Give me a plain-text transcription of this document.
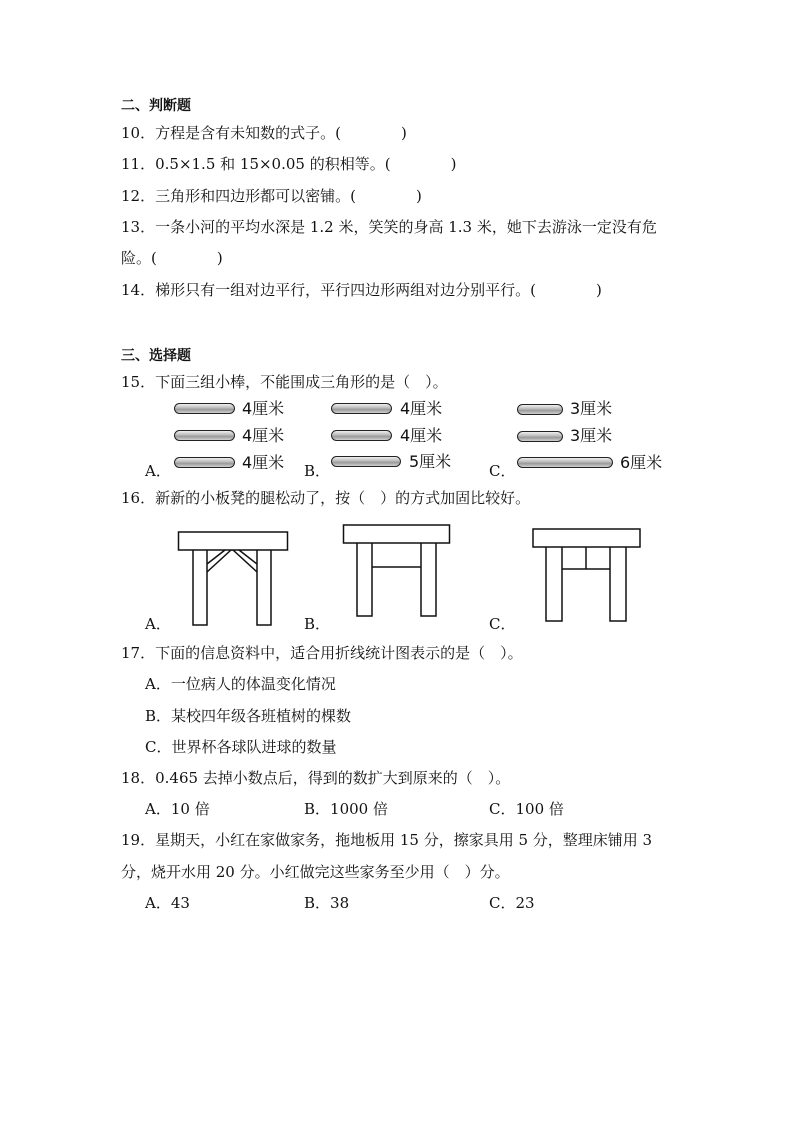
二、判断题
10．方程是含有未知数的式子。(　　　　)
11．0.5×1.5 和 15×0.05 的积相等。(　　　　)
12．三角形和四边形都可以密铺。(　　　　)
13．一条小河的平均水深是 1.2 米，笑笑的身高 1.3 米，她下去游泳一定没有危
险。(　　　　)
14．梯形只有一组对边平行，平行四边形两组对边分别平行。(　　　　)
三、选择题
15．下面三组小棒，不能围成三角形的是（　）。
4厘米
4厘米
4厘米
A．
4厘米
4厘米
5厘米
B．
3厘米
3厘米
6厘米
C．
16．新新的小板凳的腿松动了，按（　）的方式加固比较好。
A．	B．	C．
17．下面的信息资料中，适合用折线统计图表示的是（　）。
A．一位病人的体温变化情况
B．某校四年级各班植树的棵数
C．世界杯各球队进球的数量
18．0.465 去掉小数点后，得到的数扩大到原来的（　）。
A．10 倍	B．1000 倍	C．100 倍
19．星期天，小红在家做家务，拖地板用 15 分，擦家具用 5 分，整理床铺用 3
分，烧开水用 20 分。小红做完这些家务至少用（　）分。
A．43	B．38	C．23
